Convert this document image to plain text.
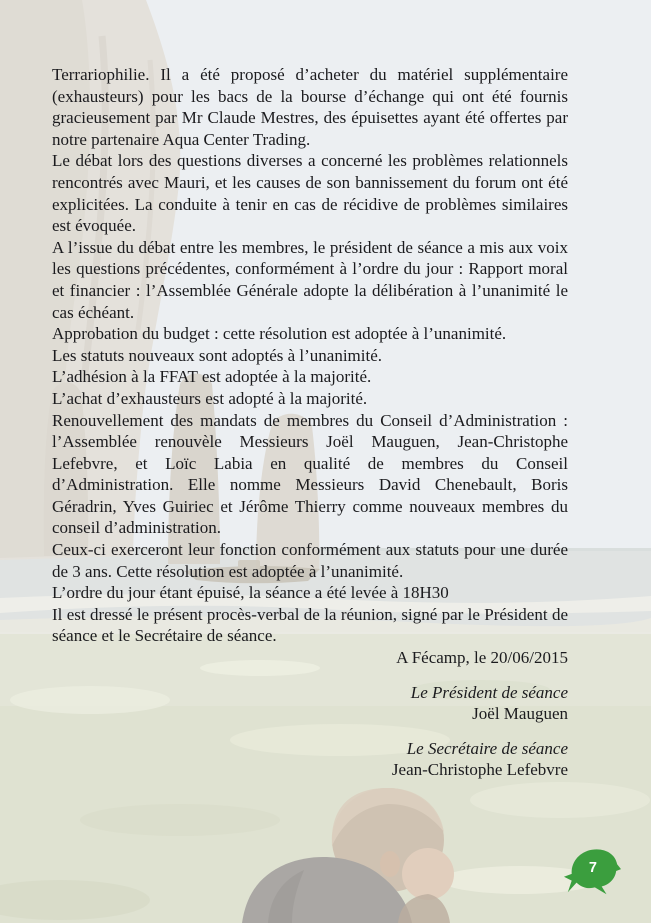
Terrariophilie. Il a été proposé d’acheter du matériel supplémentaire (exhausteurs) pour les bacs de la bourse d’échange qui ont été fournis gracieusement par Mr Claude Mestres, des épuisettes ayant été offertes par notre partenaire Aqua Center Trading.

Le débat lors des questions diverses a concerné les problèmes relationnels rencontrés avec Mauri, et les causes de son bannissement du forum ont été explicitées. La conduite à tenir en cas de récidive de problèmes similaires est évoquée.

A l’issue du débat entre les membres, le président de séance a mis aux voix les questions précédentes, conformément à l’ordre du jour : Rapport moral et financier : l’Assemblée Générale adopte la délibération à l’unanimité le cas échéant.

Approbation du budget : cette résolution est adoptée à l’unanimité.

Les statuts nouveaux sont adoptés à l’unanimité.

L’adhésion à la FFAT est adoptée à la majorité.

L’achat d’exhausteurs est adopté à la majorité.

Renouvellement des mandats de membres du Conseil d’Administration : l’Assemblée renouvèle Messieurs Joël Mauguen, Jean-Christophe Lefebvre, et Loïc Labia en qualité de membres du Conseil d’Administration. Elle nomme Messieurs David Chenebault, Boris Géradrin, Yves Guiriec et Jérôme Thierry comme nouveaux membres du conseil d’administration.

Ceux-ci exerceront leur fonction conformément aux statuts pour une durée de 3 ans. Cette résolution est adoptée à l’unanimité.

L’ordre du jour étant épuisé, la séance a été levée à 18H30

Il est dressé le présent procès-verbal de la réunion, signé par le Président de séance et le Secrétaire de séance.

A Fécamp, le 20/06/2015

Le Président de séance
Joël Mauguen
Le Secrétaire de séance
Jean-Christophe Lefebvre
7
